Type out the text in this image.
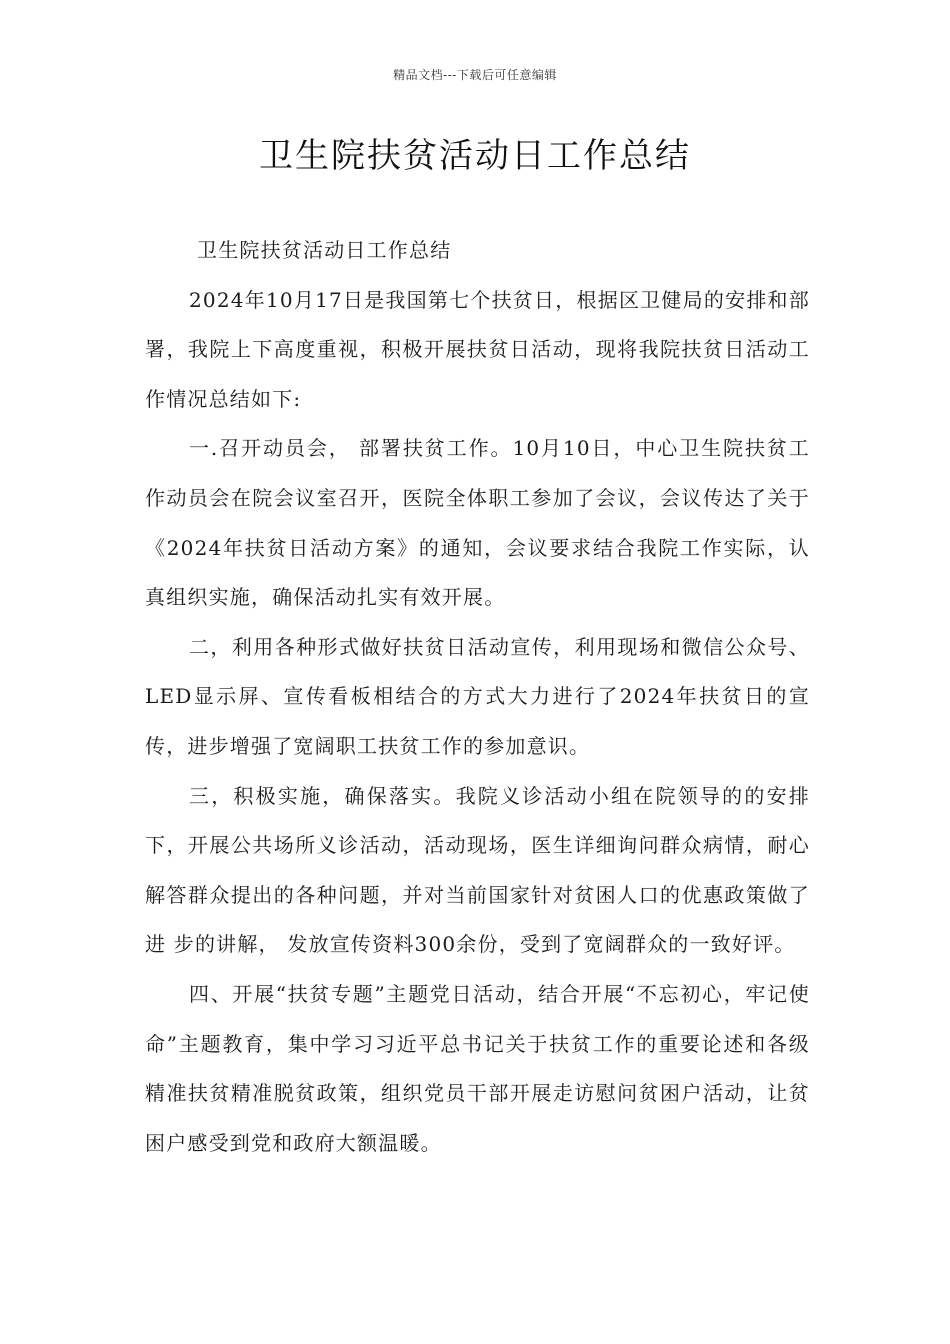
精品文档---下载后可任意编辑
卫生院扶贫活动日工作总结

卫生院扶贫活动日工作总结

2024年10月17日是我国第七个扶贫日，根据区卫健局的安排和部署，我院上下高度重视，积极开展扶贫日活动，现将我院扶贫日活动工作情况总结如下:

一.召开动员会， 部署扶贫工作。10月10日，中心卫生院扶贫工作动员会在院会议室召开，医院全体职工参加了会议，会议传达了关于《2024年扶贫日活动方案》的通知，会议要求结合我院工作实际，认真组织实施，确保活动扎实有效开展。

二，利用各种形式做好扶贫日活动宣传，利用现场和微信公众号、LED显示屏、宣传看板相结合的方式大力进行了2024年扶贫日的宣传，进步增强了宽阔职工扶贫工作的参加意识。

三，积极实施，确保落实。我院义诊活动小组在院领导的的安排下，开展公共场所义诊活动，活动现场，医生详细询问群众病情，耐心解答群众提出的各种问题，并对当前国家针对贫困人口的优惠政策做了进 步的讲解， 发放宣传资料300余份，受到了宽阔群众的一致好评。

四、开展“扶贫专题”主题党日活动，结合开展“不忘初心，牢记使命”主题教育，集中学习习近平总书记关于扶贫工作的重要论述和各级精准扶贫精准脱贫政策，组织党员干部开展走访慰问贫困户活动，让贫困户感受到党和政府大额温暖。
